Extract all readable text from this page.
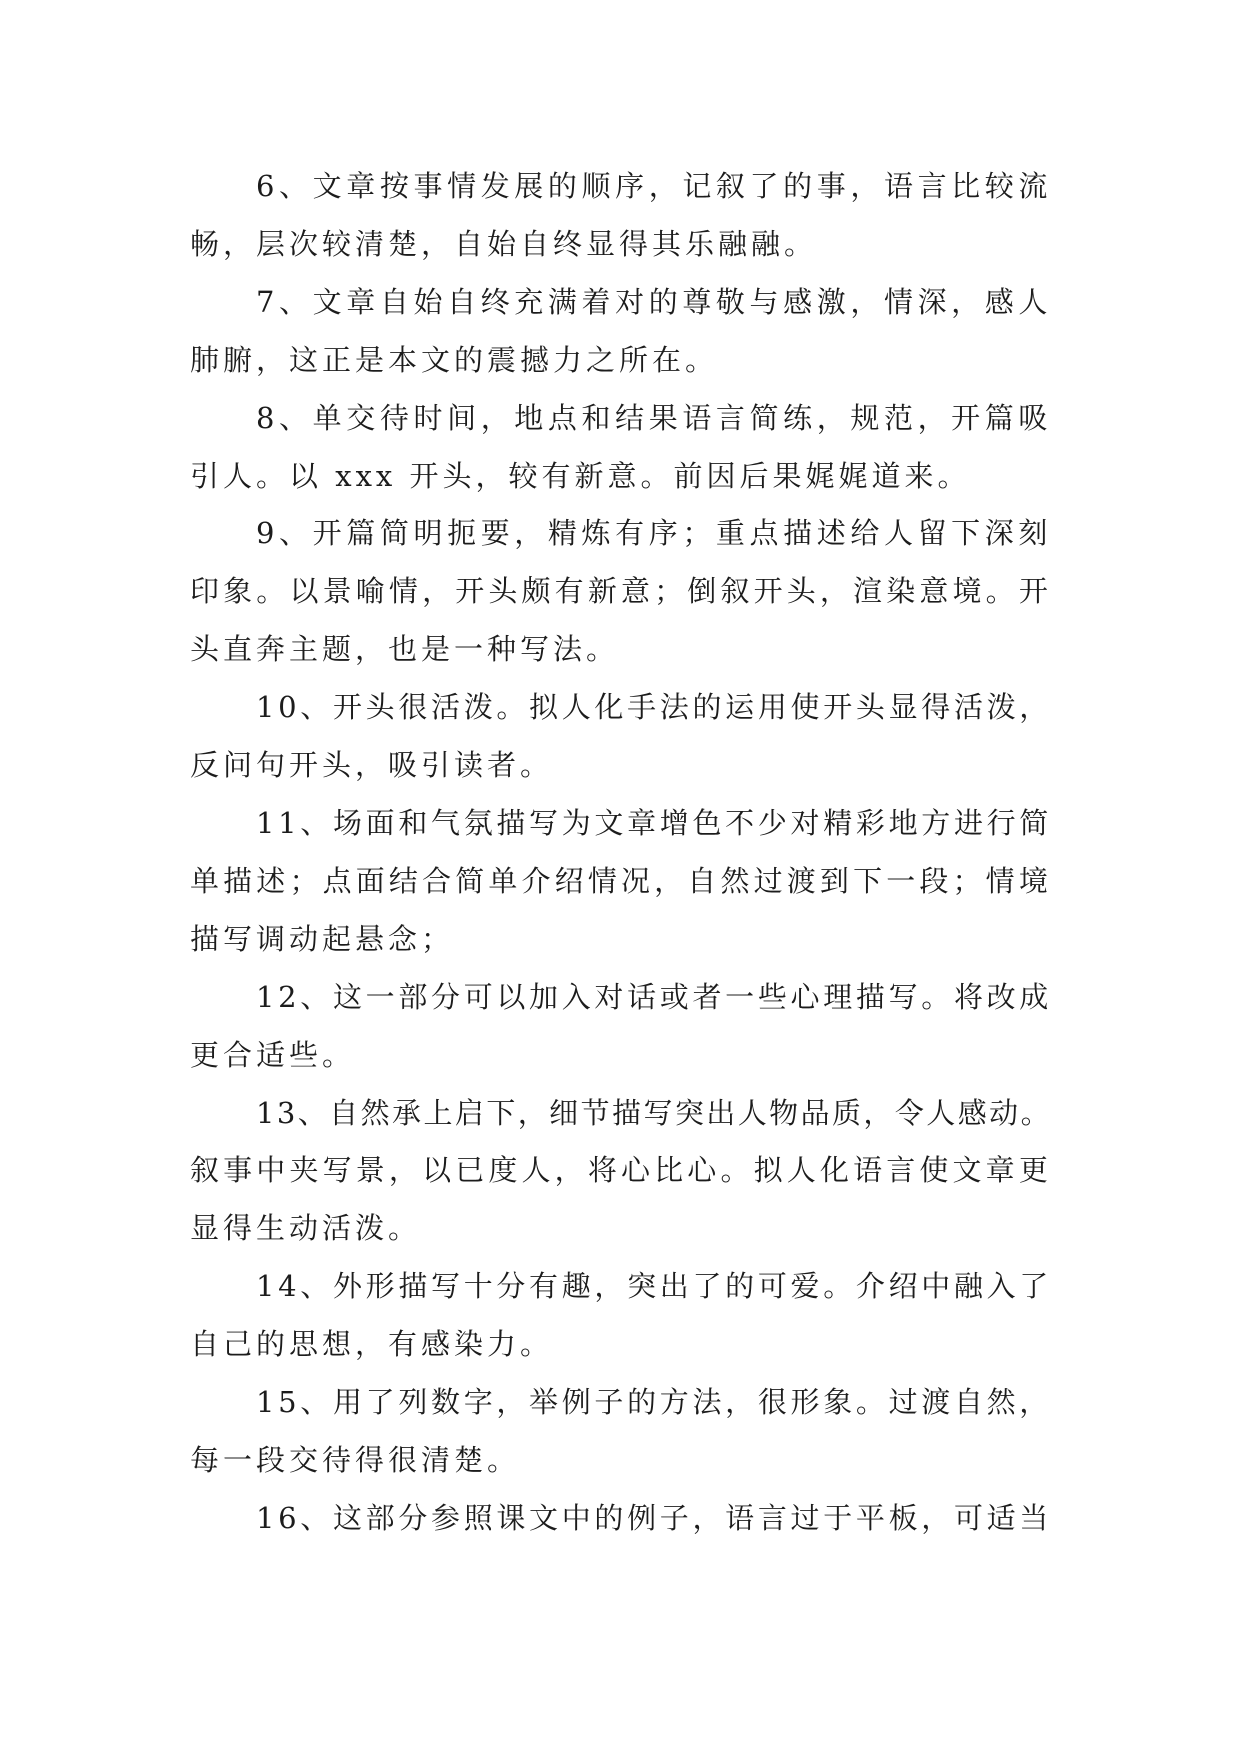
6、文章按事情发展的顺序，记叙了的事，语言比较流
畅，层次较清楚，自始自终显得其乐融融。
7、文章自始自终充满着对的尊敬与感激，情深，感人
肺腑，这正是本文的震撼力之所在。
8、单交待时间，地点和结果语言简练，规范，开篇吸
引人。以 xxx 开头，较有新意。前因后果娓娓道来。
9、开篇简明扼要，精炼有序；重点描述给人留下深刻
印象。以景喻情，开头颇有新意；倒叙开头，渲染意境。开
头直奔主题，也是一种写法。
10、开头很活泼。拟人化手法的运用使开头显得活泼，
反问句开头，吸引读者。
11、场面和气氛描写为文章增色不少对精彩地方进行简
单描述；点面结合简单介绍情况，自然过渡到下一段；情境
描写调动起悬念；
12、这一部分可以加入对话或者一些心理描写。将改成
更合适些。
13、自然承上启下，细节描写突出人物品质，令人感动。
叙事中夹写景，以已度人，将心比心。拟人化语言使文章更
显得生动活泼。
14、外形描写十分有趣，突出了的可爱。介绍中融入了
自己的思想，有感染力。
15、用了列数字，举例子的方法，很形象。过渡自然，
每一段交待得很清楚。
16、这部分参照课文中的例子，语言过于平板，可适当
